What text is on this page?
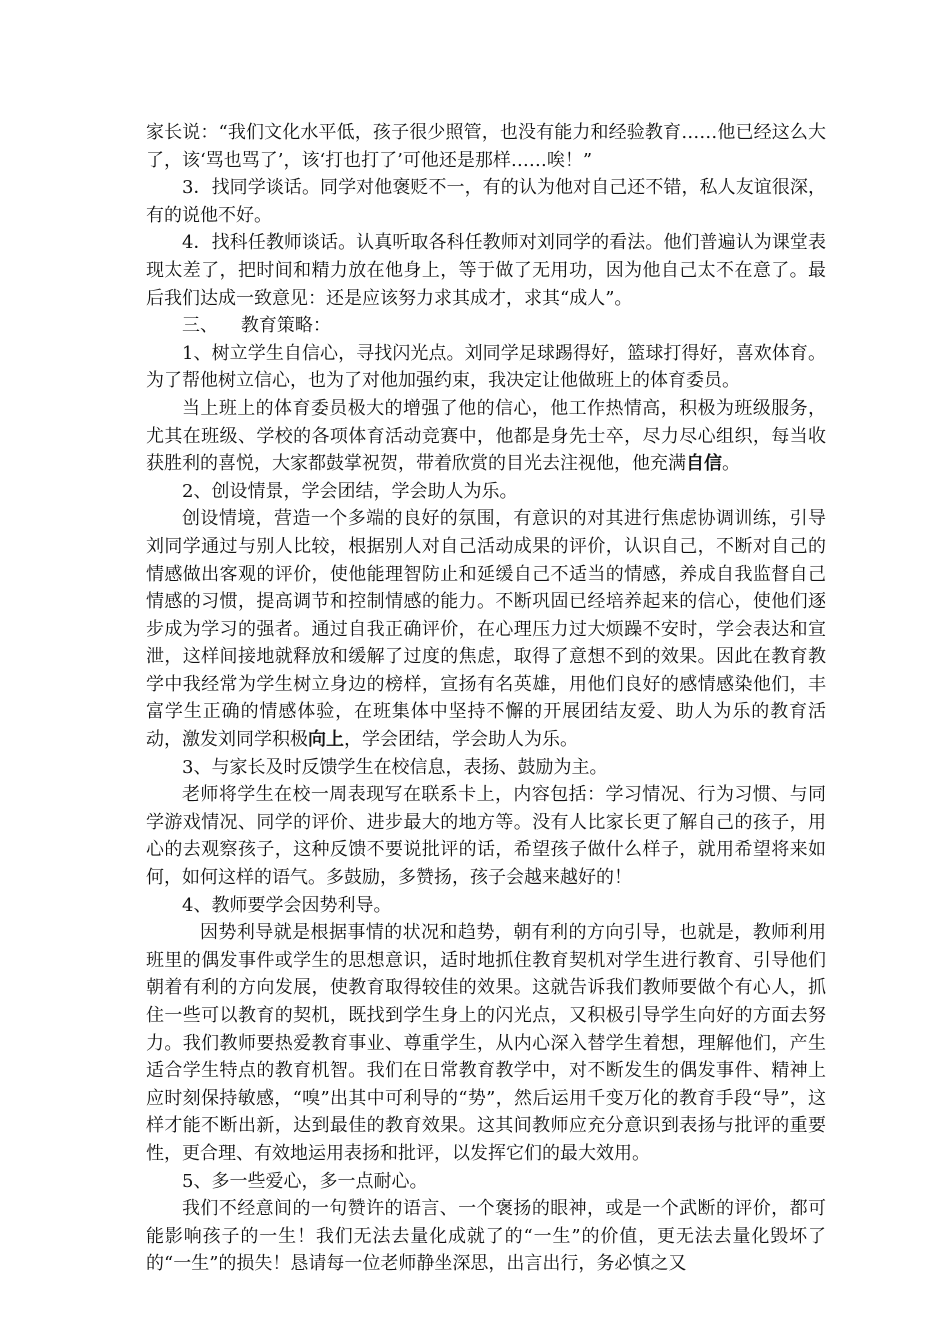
家长说：“我们文化水平低，孩子很少照管，也没有能力和经验教育……他已经这么大了，该‘骂也骂了’，该‘打也打了’可他还是那样……唉！”

3．找同学谈话。同学对他褒贬不一，有的认为他对自己还不错，私人友谊很深，有的说他不好。

4．找科任教师谈话。认真听取各科任教师对刘同学的看法。他们普遍认为课堂表现太差了，把时间和精力放在他身上，等于做了无用功，因为他自己太不在意了。最后我们达成一致意见：还是应该努力求其成才，求其“成人”。

三、    教育策略：

1、树立学生自信心，寻找闪光点。刘同学足球踢得好，篮球打得好，喜欢体育。为了帮他树立信心，也为了对他加强约束，我决定让他做班上的体育委员。

当上班上的体育委员极大的增强了他的信心，他工作热情高，积极为班级服务，尤其在班级、学校的各项体育活动竞赛中，他都是身先士卒，尽力尽心组织，每当收获胜利的喜悦，大家都鼓掌祝贺，带着欣赏的目光去注视他，他充满自信。

2、创设情景，学会团结，学会助人为乐。

创设情境，营造一个多端的良好的氛围，有意识的对其进行焦虑协调训练，引导刘同学通过与别人比较，根据别人对自己活动成果的评价，认识自己，不断对自己的情感做出客观的评价，使他能理智防止和延缓自己不适当的情感，养成自我监督自己情感的习惯，提高调节和控制情感的能力。不断巩固已经培养起来的信心，使他们逐步成为学习的强者。通过自我正确评价，在心理压力过大烦躁不安时，学会表达和宣泄，这样间接地就释放和缓解了过度的焦虑，取得了意想不到的效果。因此在教育教学中我经常为学生树立身边的榜样，宣扬有名英雄，用他们良好的感情感染他们，丰富学生正确的情感体验，在班集体中坚持不懈的开展团结友爱、助人为乐的教育活动，激发刘同学积极向上，学会团结，学会助人为乐。

3、与家长及时反馈学生在校信息，表扬、鼓励为主。

老师将学生在校一周表现写在联系卡上，内容包括：学习情况、行为习惯、与同学游戏情况、同学的评价、进步最大的地方等。没有人比家长更了解自己的孩子，用心的去观察孩子，这种反馈不要说批评的话，希望孩子做什么样子，就用希望将来如何，如何这样的语气。多鼓励，多赞扬，孩子会越来越好的！

4、教师要学会因势利导。

因势利导就是根据事情的状况和趋势，朝有利的方向引导，也就是，教师利用班里的偶发事件或学生的思想意识，适时地抓住教育契机对学生进行教育、引导他们朝着有利的方向发展，使教育取得较佳的效果。这就告诉我们教师要做个有心人，抓住一些可以教育的契机，既找到学生身上的闪光点，又积极引导学生向好的方面去努力。我们教师要热爱教育事业、尊重学生，从内心深入替学生着想，理解他们，产生适合学生特点的教育机智。我们在日常教育教学中，对不断发生的偶发事件、精神上应时刻保持敏感，“嗅”出其中可利导的“势”，然后运用千变万化的教育手段“导”，这样才能不断出新，达到最佳的教育效果。这其间教师应充分意识到表扬与批评的重要性，更合理、有效地运用表扬和批评，以发挥它们的最大效用。

5、多一些爱心，多一点耐心。

我们不经意间的一句赞许的语言、一个褒扬的眼神，或是一个武断的评价，都可能影响孩子的一生！我们无法去量化成就了的“一生”的价值，更无法去量化毁坏了的“一生”的损失！恳请每一位老师静坐深思，出言出行，务必慎之又
